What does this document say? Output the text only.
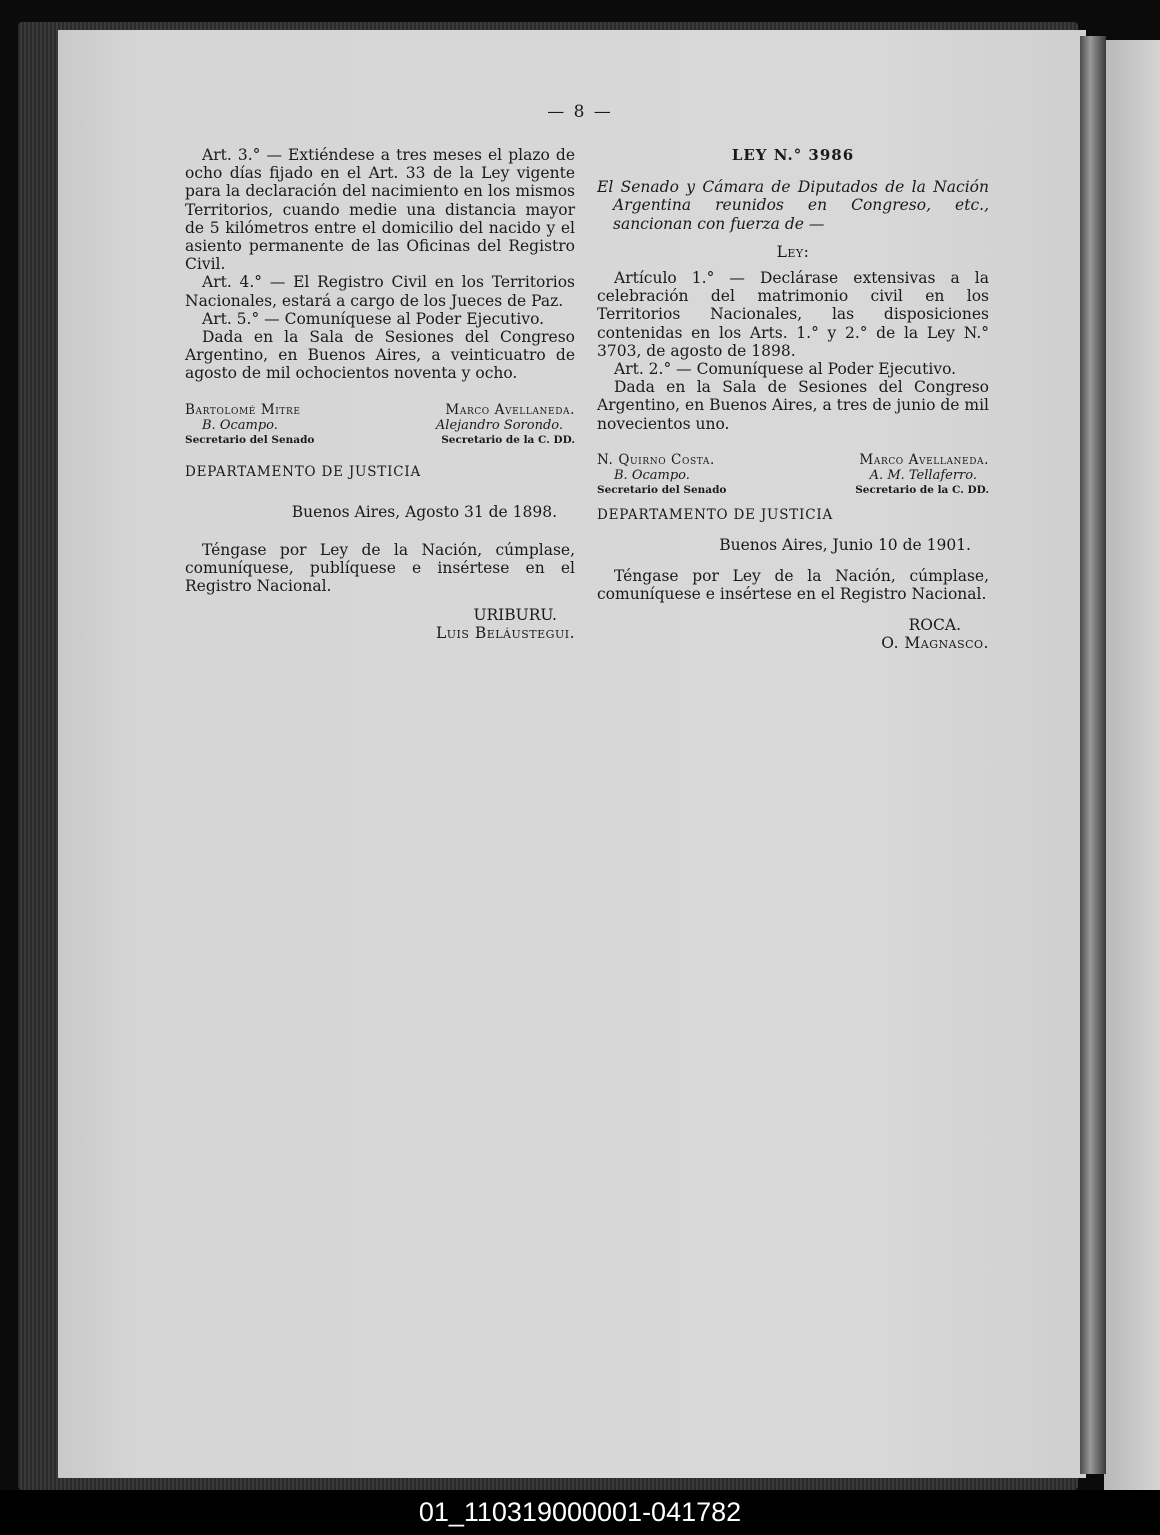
— 8 —

Art. 3.° — Extiéndese a tres meses el plazo de ocho días fijado en el Art. 33 de la Ley vigente para la declaración del nacimiento en los mismos Territorios, cuando medie una distancia mayor de 5 kilómetros entre el domicilio del nacido y el asiento permanente de las Oficinas del Registro Civil.

Art. 4.° — El Registro Civil en los Territorios Nacionales, estará a cargo de los Jueces de Paz.

Art. 5.° — Comuníquese al Poder Ejecutivo.

Dada en la Sala de Sesiones del Congreso Argentino, en Buenos Aires, a veinticuatro de agosto de mil ochocientos noventa y ocho.

Bartolomé Mitre
B. Ocampo.
Secretario del Senado
Marco Avellaneda.
Alejandro Sorondo.
Secretario de la C. DD.

DEPARTAMENTO DE JUSTICIA

Buenos Aires, Agosto 31 de 1898.

Téngase por Ley de la Nación, cúmplase, comuníquese, publíquese e insértese en el Registro Nacional.

URIBURU.

Luis Beláustegui.

LEY N.° 3986

El Senado y Cámara de Diputados de la Nación Argentina reunidos en Congreso, etc., sancionan con fuerza de —

Ley:

Artículo 1.° — Declárase extensivas a la celebración del matrimonio civil en los Territorios Nacionales, las disposiciones contenidas en los Arts. 1.° y 2.° de la Ley N.° 3703, de agosto de 1898.

Art. 2.° — Comuníquese al Poder Ejecutivo.

Dada en la Sala de Sesiones del Congreso Argentino, en Buenos Aires, a tres de junio de mil novecientos uno.

N. Quirno Costa.
B. Ocampo.
Secretario del Senado
Marco Avellaneda.
A. M. Tellaferro.
Secretario de la C. DD.

DEPARTAMENTO DE JUSTICIA

Buenos Aires, Junio 10 de 1901.

Téngase por Ley de la Nación, cúmplase, comuníquese e insértese en el Registro Nacional.

ROCA.

O. Magnasco.

01_110319000001-041782
